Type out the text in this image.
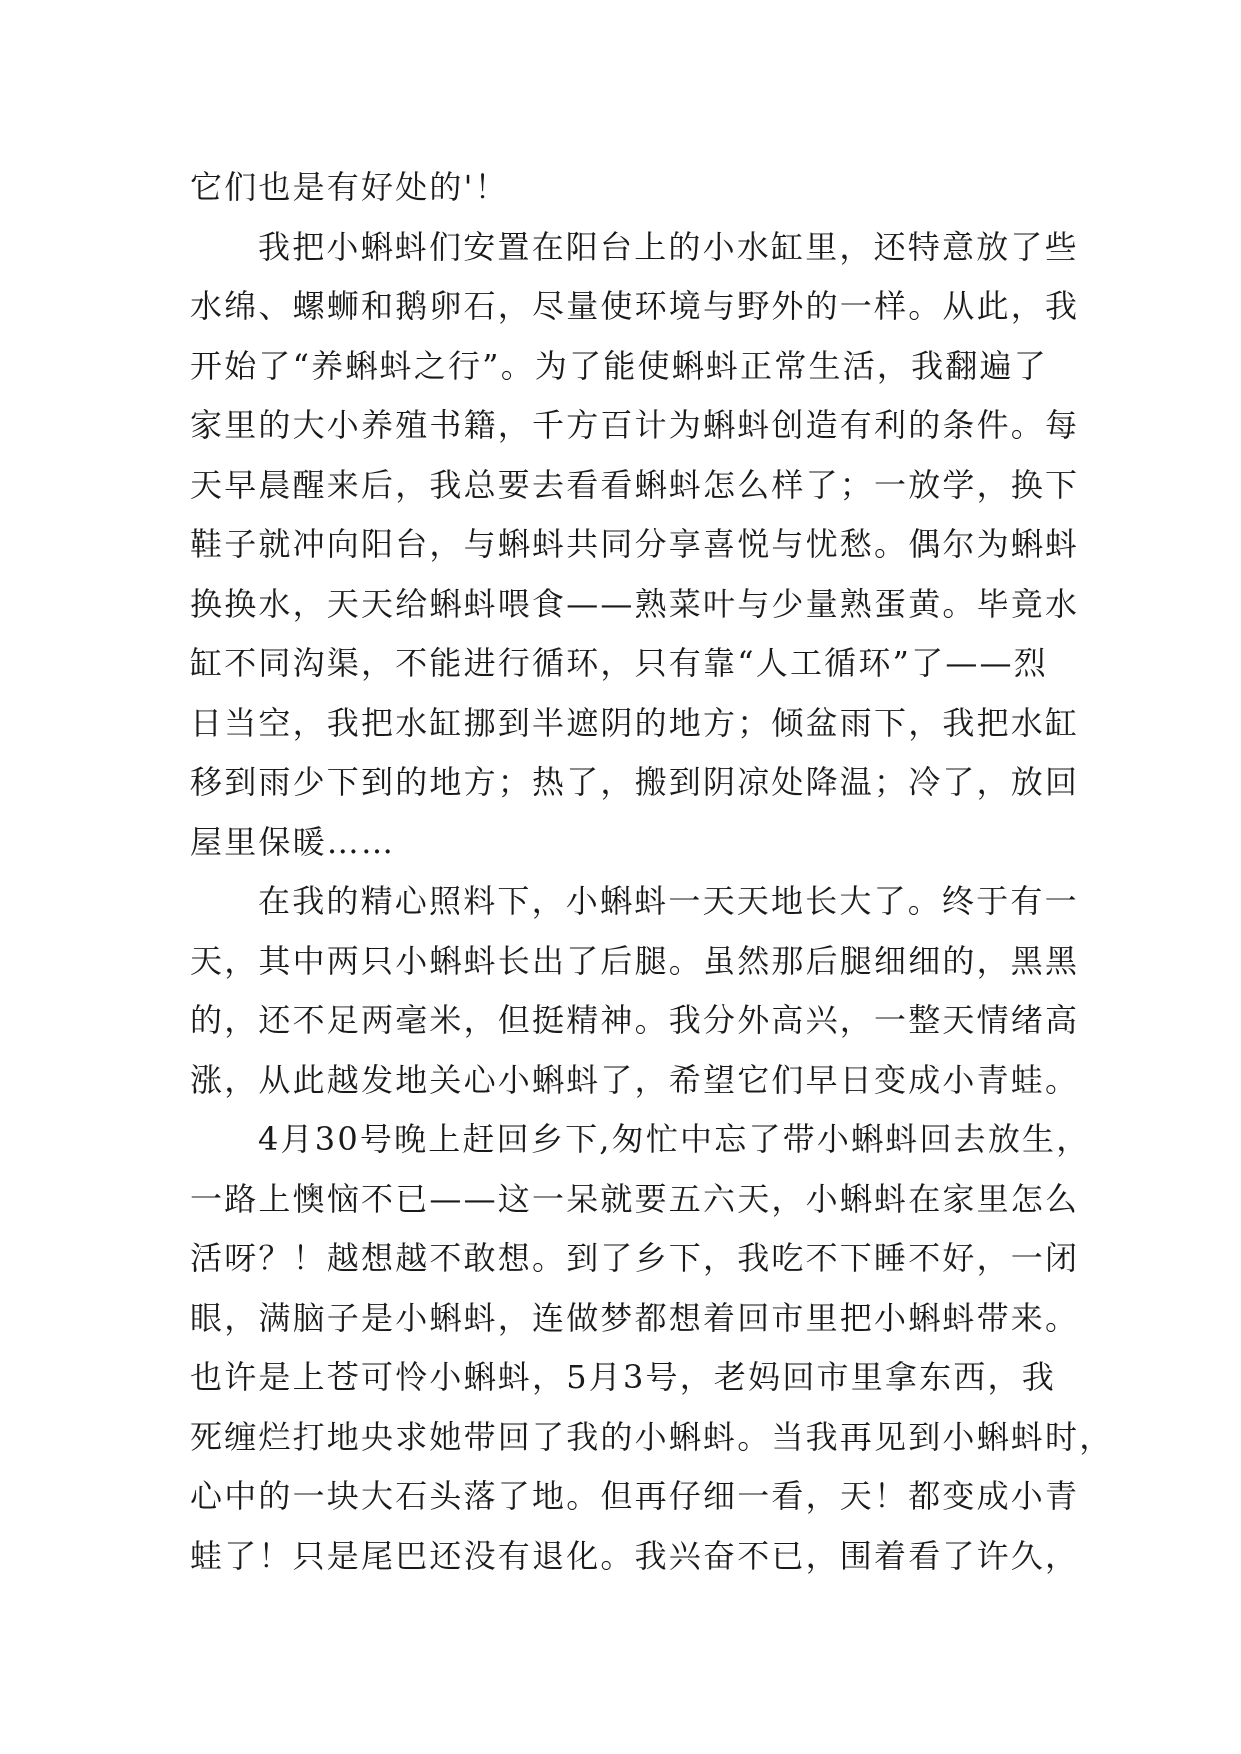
它们也是有好处的'！
我把小蝌蚪们安置在阳台上的小水缸里，还特意放了些
水绵、螺蛳和鹅卵石，尽量使环境与野外的一样。从此，我
开始了“养蝌蚪之行”。为了能使蝌蚪正常生活，我翻遍了
家里的大小养殖书籍，千方百计为蝌蚪创造有利的条件。每
天早晨醒来后，我总要去看看蝌蚪怎么样了；一放学，换下
鞋子就冲向阳台，与蝌蚪共同分享喜悦与忧愁。偶尔为蝌蚪
换换水，天天给蝌蚪喂食——熟菜叶与少量熟蛋黄。毕竟水
缸不同沟渠，不能进行循环，只有靠“人工循环”了——烈
日当空，我把水缸挪到半遮阴的地方；倾盆雨下，我把水缸
移到雨少下到的地方；热了，搬到阴凉处降温；冷了，放回
屋里保暖……
在我的精心照料下，小蝌蚪一天天地长大了。终于有一
天，其中两只小蝌蚪长出了后腿。虽然那后腿细细的，黑黑
的，还不足两毫米，但挺精神。我分外高兴，一整天情绪高
涨，从此越发地关心小蝌蚪了，希望它们早日变成小青蛙。
4月30号晚上赶回乡下,匆忙中忘了带小蝌蚪回去放生，
一路上懊恼不已——这一呆就要五六天，小蝌蚪在家里怎么
活呀？！越想越不敢想。到了乡下，我吃不下睡不好，一闭
眼，满脑子是小蝌蚪，连做梦都想着回市里把小蝌蚪带来。
也许是上苍可怜小蝌蚪，5月3号，老妈回市里拿东西，我
死缠烂打地央求她带回了我的小蝌蚪。当我再见到小蝌蚪时，
心中的一块大石头落了地。但再仔细一看，天！都变成小青
蛙了！只是尾巴还没有退化。我兴奋不已，围着看了许久，
